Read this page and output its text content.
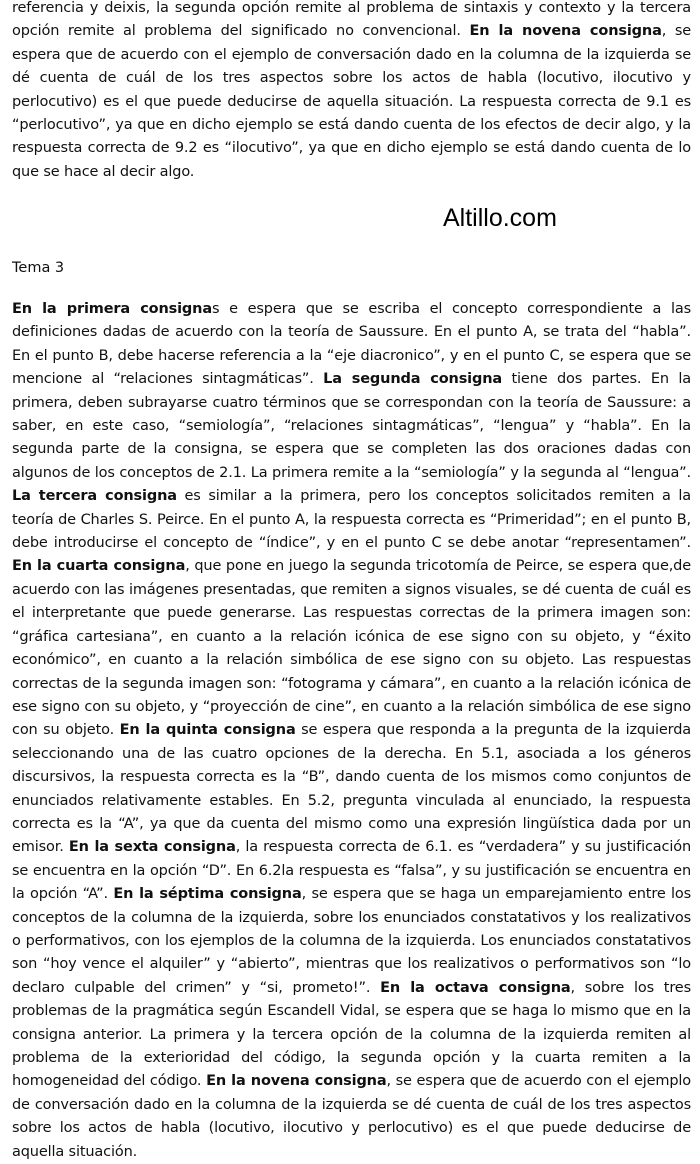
referencia y deixis, la segunda opción remite al problema de sintaxis y contexto y la tercera opción remite al problema del significado no convencional. En la novena consigna, se espera que de acuerdo con el ejemplo de conversación dado en la columna de la izquierda se dé cuenta de cuál de los tres aspectos sobre los actos de habla (locutivo, ilocutivo y perlocutivo) es el que puede deducirse de aquella situación. La respuesta correcta de 9.1 es “perlocutivo”, ya que en dicho ejemplo se está dando cuenta de los efectos de decir algo, y la respuesta correcta de 9.2 es “ilocutivo”, ya que en dicho ejemplo se está dando cuenta de lo que se hace al decir algo.

Altillo.com
Tema 3

En la primera consignas e espera que se escriba el concepto correspondiente a las definiciones dadas de acuerdo con la teoría de Saussure. En el punto A, se trata del “habla”. En el punto B, debe hacerse referencia a la “eje diacronico”, y en el punto C, se espera que se mencione al “relaciones sintagmáticas”. La segunda consigna tiene dos partes. En la primera, deben subrayarse cuatro términos que se correspondan con la teoría de Saussure: a saber, en este caso, “semiología”, “relaciones sintagmáticas”, “lengua” y “habla”. En la segunda parte de la consigna, se espera que se completen las dos oraciones dadas con algunos de los conceptos de 2.1. La primera remite a la “semiología” y la segunda al “lengua”. La tercera consigna es similar a la primera, pero los conceptos solicitados remiten a la teoría de Charles S. Peirce. En el punto A, la respuesta correcta es “Primeridad”; en el punto B, debe introducirse el concepto de “índice”, y en el punto C se debe anotar “representamen”. En la cuarta consigna, que pone en juego la segunda tricotomía de Peirce, se espera que,de acuerdo con las imágenes presentadas, que remiten a signos visuales, se dé cuenta de cuál es el interpretante que puede generarse. Las respuestas correctas de la primera imagen son: “gráfica cartesiana”, en cuanto a la relación icónica de ese signo con su objeto, y “éxito económico”, en cuanto a la relación simbólica de ese signo con su objeto. Las respuestas correctas de la segunda imagen son: “fotograma y cámara”, en cuanto a la relación icónica de ese signo con su objeto, y “proyección de cine”, en cuanto a la relación simbólica de ese signo con su objeto. En la quinta consigna se espera que responda a la pregunta de la izquierda seleccionando una de las cuatro opciones de la derecha. En 5.1, asociada a los géneros discursivos, la respuesta correcta es la “B”, dando cuenta de los mismos como conjuntos de enunciados relativamente estables. En 5.2, pregunta vinculada al enunciado, la respuesta correcta es la “A”, ya que da cuenta del mismo como una expresión lingüística dada por un emisor. En la sexta consigna, la respuesta correcta de 6.1. es “verdadera” y su justificación se encuentra en la opción “D”. En 6.2la respuesta es “falsa”, y su justificación se encuentra en la opción “A”. En la séptima consigna, se espera que se haga un emparejamiento entre los conceptos de la columna de la izquierda, sobre los enunciados constatativos y los realizativos o performativos, con los ejemplos de la columna de la izquierda. Los enunciados constatativos son “hoy vence el alquiler” y “abierto”, mientras que los realizativos o performativos son “lo declaro culpable del crimen” y “si, prometo!”. En la octava consigna, sobre los tres problemas de la pragmática según Escandell Vidal, se espera que se haga lo mismo que en la consigna anterior. La primera y la tercera opción de la columna de la izquierda remiten al problema de la exterioridad del código, la segunda opción y la cuarta remiten a la homogeneidad del código. En la novena consigna, se espera que de acuerdo con el ejemplo de conversación dado en la columna de la izquierda se dé cuenta de cuál de los tres aspectos sobre los actos de habla (locutivo, ilocutivo y perlocutivo) es el que puede deducirse de aquella situación.
